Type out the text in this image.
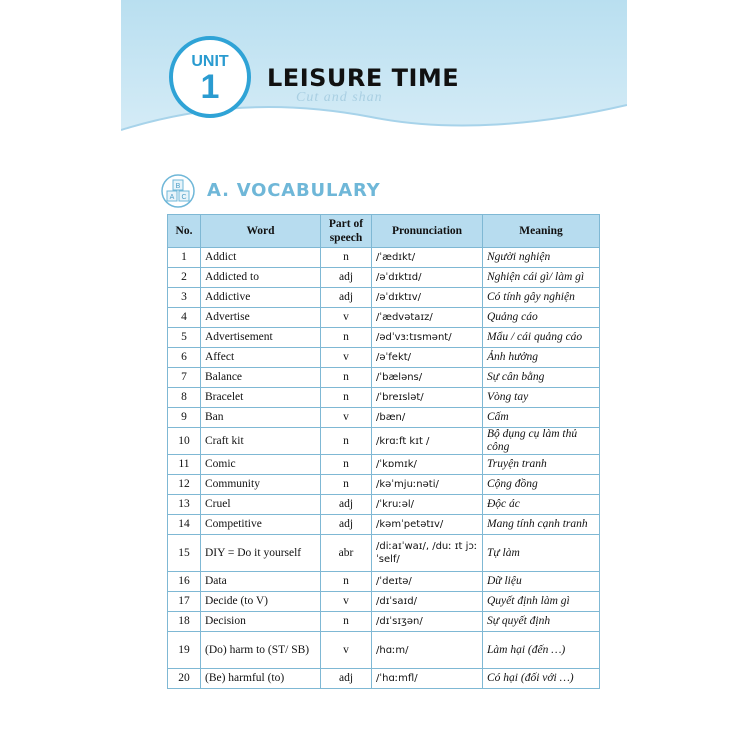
Cut and shan
UNIT
1	LEISURE TIME
B
A C A. VOCABULARY
No.	Word	Part of speech	Pronunciation	Meaning
1	Addict	n	/ˈædɪkt/	Người nghiện
2	Addicted to	adj	/əˈdɪktɪd/	Nghiện cái gì/ làm gì
3	Addictive	adj	/əˈdɪktɪv/	Có tính gây nghiện
4	Advertise	v	/ˈædvətaɪz/	Quảng cáo
5	Advertisement	n	/ədˈvɜːtɪsmənt/	Mẩu / cái quảng cáo
6	Affect	v	/əˈfekt/	Ảnh hưởng
7	Balance	n	/ˈbæləns/	Sự cân bằng
8	Bracelet	n	/ˈbreɪslət/	Vòng tay
9	Ban	v	/bæn/	Cấm
10	Craft kit	n	/krɑːft kɪt /	Bộ dụng cụ làm thủ công
11	Comic	n	/ˈkɒmɪk/	Truyện tranh
12	Community	n	/kəˈmjuːnəti/	Cộng đồng
13	Cruel	adj	/ˈkruːəl/	Độc ác
14	Competitive	adj	/kəmˈpetətɪv/	Mang tính cạnh tranh
15	DIY = Do it yourself	abr	/diːaɪˈwaɪ/, /duː ɪt jɔːˈself/	Tự làm
16	Data	n	/ˈdeɪtə/	Dữ liệu
17	Decide (to V)	v	/dɪˈsaɪd/	Quyết định làm gì
18	Decision	n	/dɪˈsɪʒən/	Sự quyết định
19	(Do) harm to (ST/ SB)	v	/hɑːm/	Làm hại (đến …)
20	(Be) harmful (to)	adj	/ˈhɑːmfl/	Có hại (đối với …)
